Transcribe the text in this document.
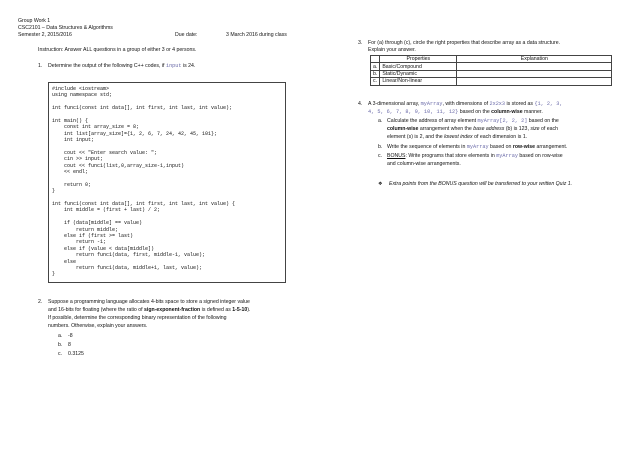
Group Work 1
CSC2101 – Data Structures & Algorithms
Semester 2, 2015/2016	Due date:	3 March 2016 during class
Instruction: Answer ALL questions in a group of either 3 or 4 persons.
1. Determine the output of the following C++ codes, if input is 24.
#include <iostream>
using namespace std;
int func1(const int data[], int first, int last, int value);
int main() {
const int array_size = 8;
int list[array_size]={1, 2, 6, 7, 24, 42, 45, 101};
int input;
cout << "Enter search value: ";
cin >> input;
cout << func1(list,0,array_size-1,input)
<< endl;
return 0;
}
int func1(const int data[], int first, int last, int value) {
int middle = (first + last) / 2;
if (data[middle] == value)
return middle;
else if (first >= last)
return -1;
else if (value < data[middle])
return func1(data, first, middle-1, value);
else
return func1(data, middle+1, last, value);
}
2. Suppose a programming language allocates 4-bits space to store a signed integer value
and 16-bits for floating (where the ratio of sign-exponent-fraction is defined as 1-5-10).
If possible, determine the corresponding binary representation of the following
numbers. Otherwise, explain your answers.
a. -8
b. 8
c. 0.3125
3. For (a) through (c), circle the right properties that describe array as a data structure.
Explain your answer.
	Properties	Explanation
a.	Basic/Compound	
b.	Static/Dynamic	
c.	Linear/Non-linear	
4. A 3-dimensional array, myArray, with dimensions of 2x2x3 is stored as {1, 2, 3,
4, 5, 6, 7, 8, 9, 10, 11, 12} based on the column-wise manner.
a. Calculate the address of array element myArray[2, 2, 2] based on the
column-wise arrangement when the base address (b) is 123, size of each
element (s) is 2, and the lowest index of each dimension is 1.
b. Write the sequence of elements in myArray based on row-wise arrangement.
c. BONUS: Write programs that store elements in myArray based on row-wise
and column-wise arrangements.
❖ Extra points from the BONUS question will be transferred to your written Quiz 1.
